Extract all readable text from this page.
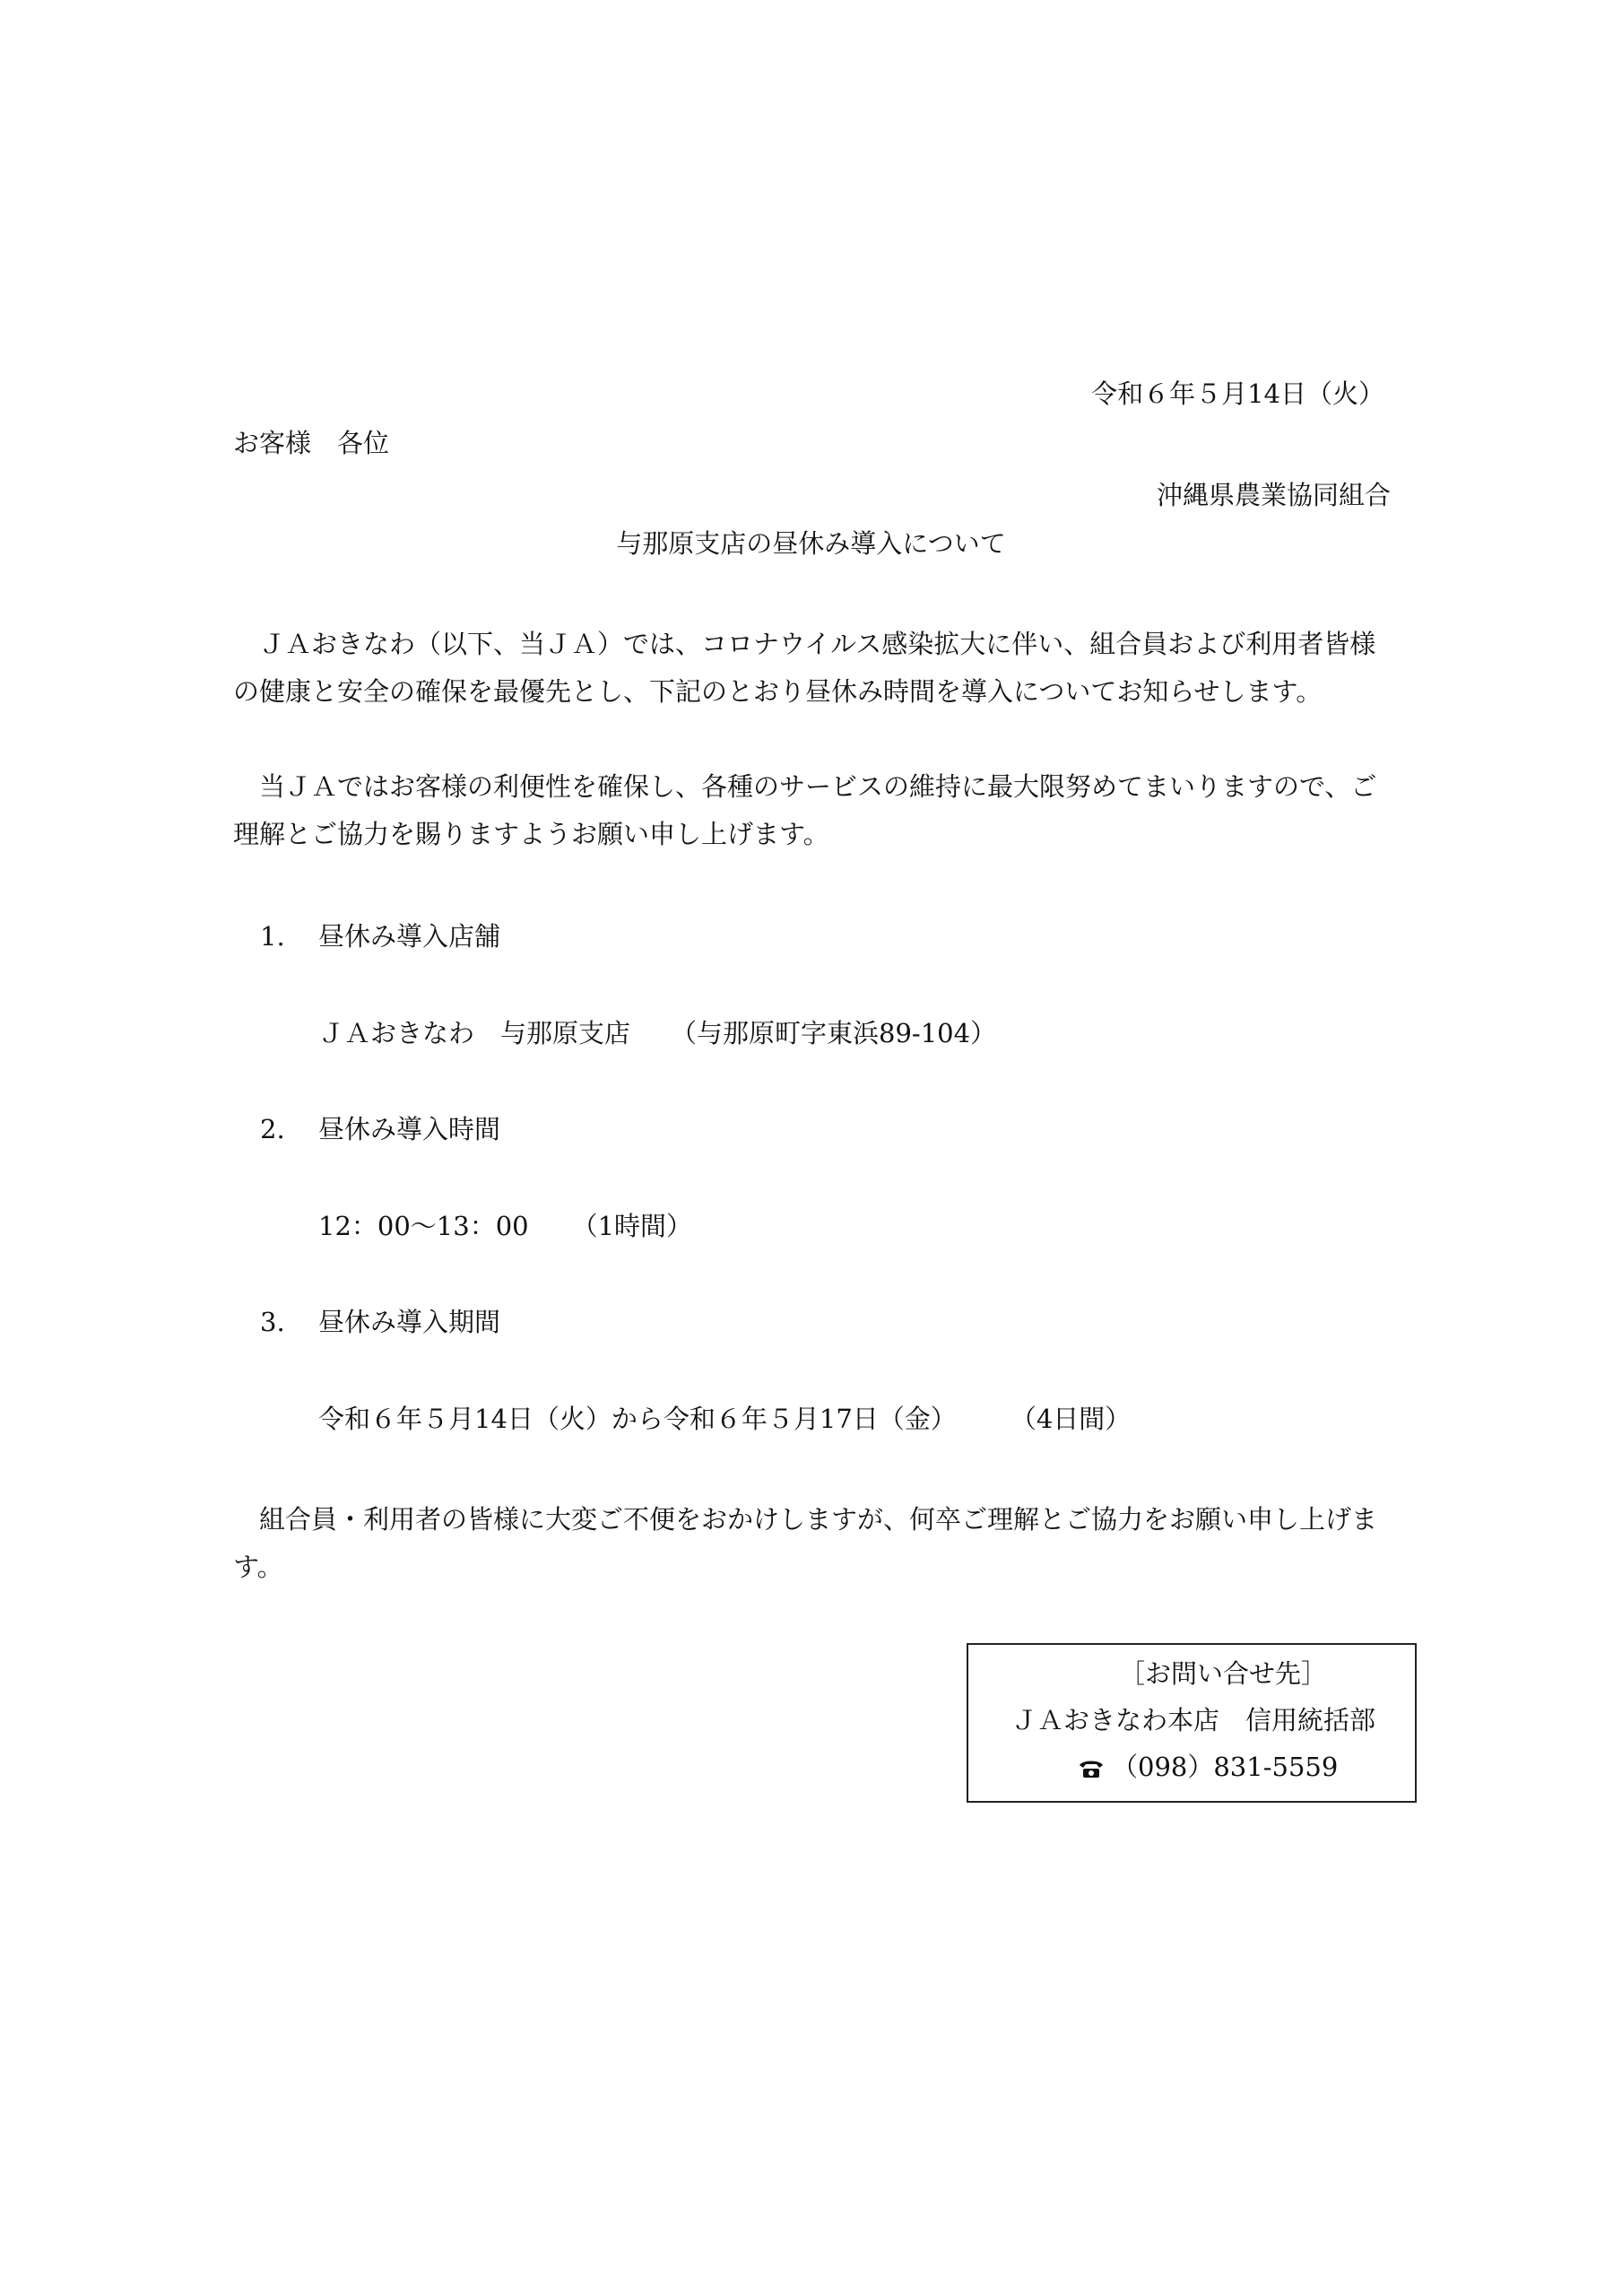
令和６年５月14日（火）
お客様　各位
沖縄県農業協同組合
与那原支店の昼休み導入について
　ＪＡおきなわ（以下、当ＪＡ）では、コロナウイルス感染拡大に伴い、組合員および利用者皆様の健康と安全の確保を最優先とし、下記のとおり昼休み時間を導入についてお知らせします。
　当ＪＡではお客様の利便性を確保し、各種のサービスの維持に最大限努めてまいりますので、ご理解とご協力を賜りますようお願い申し上げます。
1. 昼休み導入店舗
ＪＡおきなわ　与那原支店 （与那原町字東浜89-104）
2. 昼休み導入時間
12：00～13：00 （1時間）
3. 昼休み導入期間
令和６年５月14日（火）から令和６年５月17日（金） （4日間）
　組合員・利用者の皆様に大変ご不便をおかけしますが、何卒ご理解とご協力をお願い申し上げます。
［お問い合せ先］
ＪＡおきなわ本店　信用統括部
（098）831-5559
